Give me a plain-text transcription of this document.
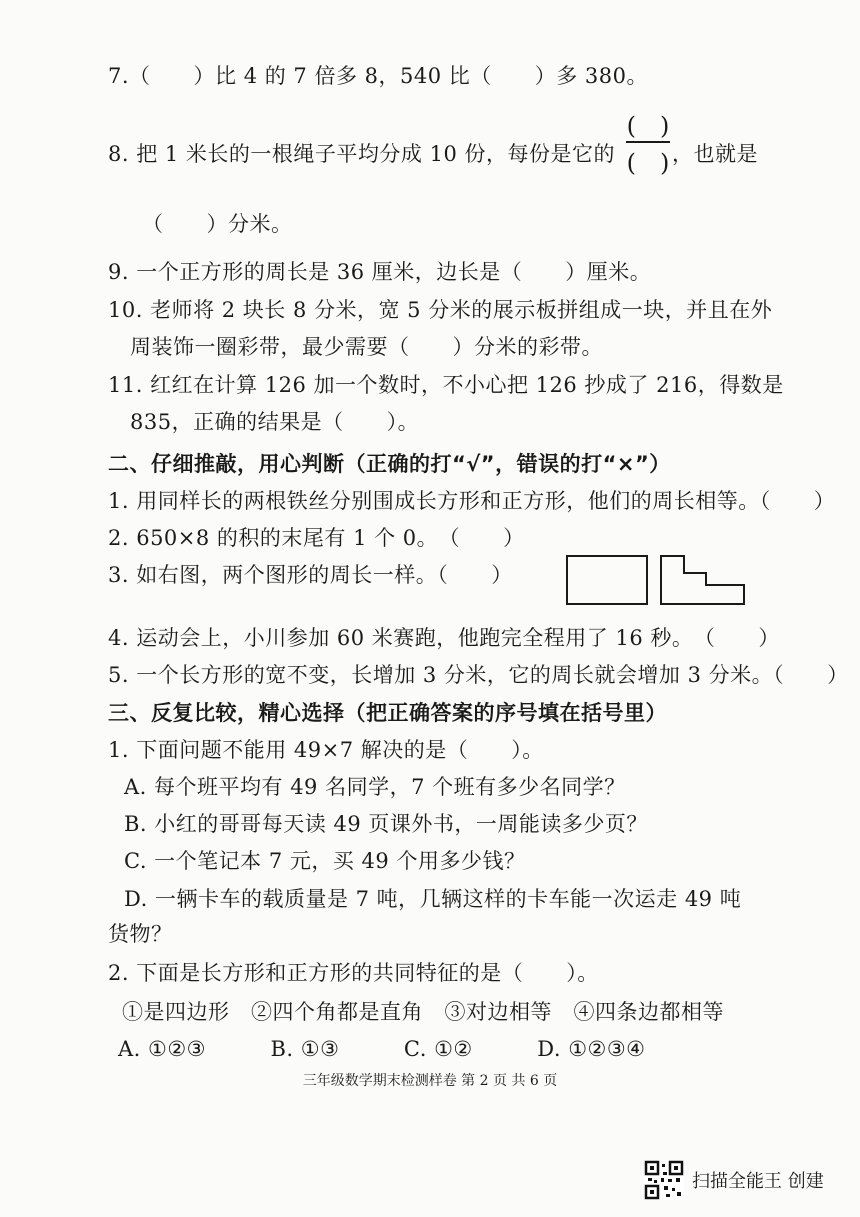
7.（　　）比 4 的 7 倍多 8，540 比（　　）多 380。
8. 把 1 米长的一根绳子平均分成 10 份，每份是它的
(　)
(　) ，也就是
（　　）分米。
9. 一个正方形的周长是 36 厘米，边长是（　　）厘米。
10. 老师将 2 块长 8 分米，宽 5 分米的展示板拼组成一块，并且在外
周装饰一圈彩带，最少需要（　　）分米的彩带。
11. 红红在计算 126 加一个数时，不小心把 126 抄成了 216，得数是
835，正确的结果是（　　）。
二、仔细推敲，用心判断（正确的打“√”，错误的打“×”）
1. 用同样长的两根铁丝分别围成长方形和正方形，他们的周长相等。（　　）
2. 650×8 的积的末尾有 1 个 0。　（　　）
3. 如右图，两个图形的周长一样。（　　）
4. 运动会上，小川参加 60 米赛跑，他跑完全程用了 16 秒。　（　　）
5. 一个长方形的宽不变，长增加 3 分米，它的周长就会增加 3 分米。（　　）
三、反复比较，精心选择（把正确答案的序号填在括号里）
1. 下面问题不能用 49×7 解决的是（　　）。
A. 每个班平均有 49 名同学，7 个班有多少名同学？
B. 小红的哥哥每天读 49 页课外书，一周能读多少页？
C. 一个笔记本 7 元，买 49 个用多少钱？
D. 一辆卡车的载质量是 7 吨，几辆这样的卡车能一次运走 49 吨
货物？
2. 下面是长方形和正方形的共同特征的是（　　）。
①是四边形　②四个角都是直角　③对边相等　④四条边都相等
A. ①②③　　　B. ①③　　　C. ①②　　　D. ①②③④
三年级数学期末检测样卷 第 2 页 共 6 页
扫描全能王 创建
